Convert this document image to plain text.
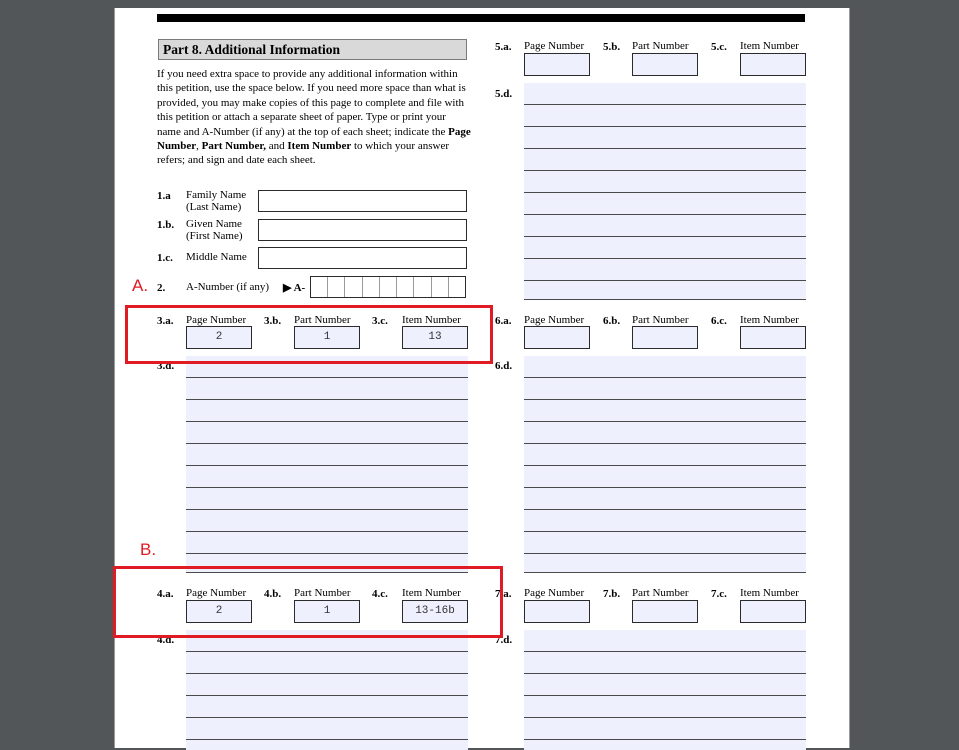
Part 8. Additional Information
If you need extra space to provide any additional information within this petition, use the space below. If you need more space than what is provided, you may make copies of this page to complete and file with this petition or attach a separate sheet of paper. Type or print your name and A-Number (if any) at the top of each sheet; indicate the Page Number, Part Number, and Item Number to which your answer refers; and sign and date each sheet.
1.a Family Name
(Last Name)
1.b. Given Name
(First Name)
1.c. Middle Name
2. A-Number (if any) ▶ A-
3.a. Page Number
2
3.b. Part Number
1
3.c. Item Number
13
3.d.
4.a. Page Number
2
4.b. Part Number
1
4.c. Item Number
13-16b
4.d.
5.a. Page Number 5.b. Part Number 5.c. Item Number
5.d.
6.a. Page Number 6.b. Part Number 6.c. Item Number
6.d.
7.a. Page Number 7.b. Part Number 7.c. Item Number
7.d.
A.
B.
